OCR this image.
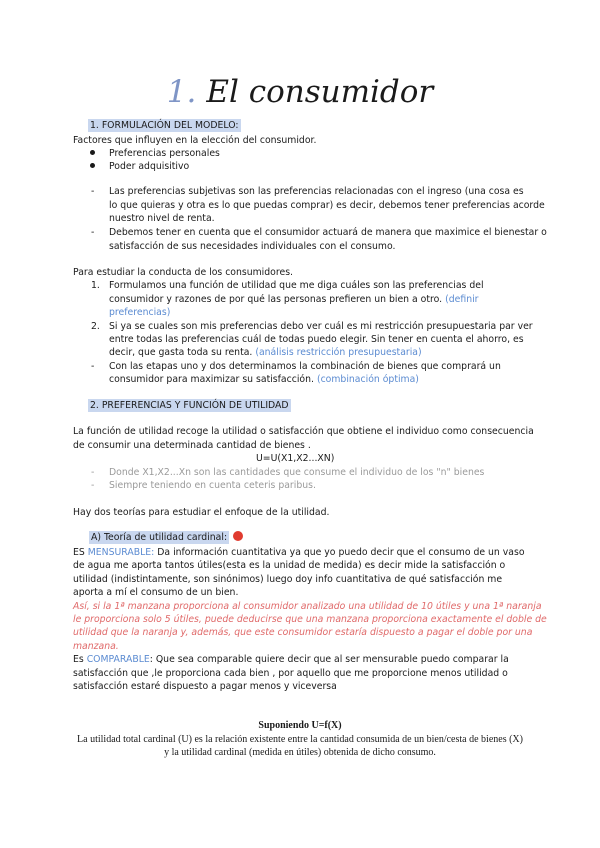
1. El consumidor
1. FORMULACIÓN DEL MODELO:
Factores que influyen en la elección del consumidor.
Preferencias personales
Poder adquisitivo
- Las preferencias subjetivas son las preferencias relacionadas con el ingreso (una cosa es
lo que quieras y otra es lo que puedas comprar) es decir, debemos tener preferencias acorde
nuestro nivel de renta.
- Debemos tener en cuenta que el consumidor actuará de manera que maximice el bienestar o
satisfacción de sus necesidades individuales con el consumo.
Para estudiar la conducta de los consumidores.
1. Formulamos una función de utilidad que me diga cuáles son las preferencias del
consumidor y razones de por qué las personas prefieren un bien a otro. (definir
preferencias)
2. Si ya se cuales son mis preferencias debo ver cuál es mi restricción presupuestaria par ver
entre todas las preferencias cuál de todas puedo elegir. Sin tener en cuenta el ahorro, es
decir, que gasta toda su renta. (análisis restricción presupuestaria)
- Con las etapas uno y dos determinamos la combinación de bienes que comprará un
consumidor para maximizar su satisfacción. (combinación óptima)
2. PREFERENCIAS Y FUNCIÓN DE UTILIDAD
La función de utilidad recoge la utilidad o satisfacción que obtiene el individuo como consecuencia
de consumir una determinada cantidad de bienes .
U=U(X1,X2...XN)
- Donde X1,X2...Xn son las cantidades que consume el individuo de los "n" bienes
- Siempre teniendo en cuenta ceteris paribus.
Hay dos teorías para estudiar el enfoque de la utilidad.
A) Teoría de utilidad cardinal:
ES MENSURABLE: Da información cuantitativa ya que yo puedo decir que el consumo de un vaso
de agua me aporta tantos útiles(esta es la unidad de medida) es decir mide la satisfacción o
utilidad (indistintamente, son sinónimos) luego doy info cuantitativa de qué satisfacción me
aporta a mí el consumo de un bien.
Así, si la 1ª manzana proporciona al consumidor analizado una utilidad de 10 útiles y una 1ª naranja
le proporciona solo 5 útiles, puede deducirse que una manzana proporciona exactamente el doble de
utilidad que la naranja y, además, que este consumidor estaría dispuesto a pagar el doble por una
manzana.
Es COMPARABLE: Que sea comparable quiere decir que al ser mensurable puedo comparar la
satisfacción que ,le proporciona cada bien , por aquello que me proporcione menos utilidad o
satisfacción estaré dispuesto a pagar menos y viceversa
Suponiendo U=f(X)
La utilidad total cardinal (U) es la relación existente entre la cantidad consumida de un bien/cesta de bienes (X)
y la utilidad cardinal (medida en útiles) obtenida de dicho consumo.
